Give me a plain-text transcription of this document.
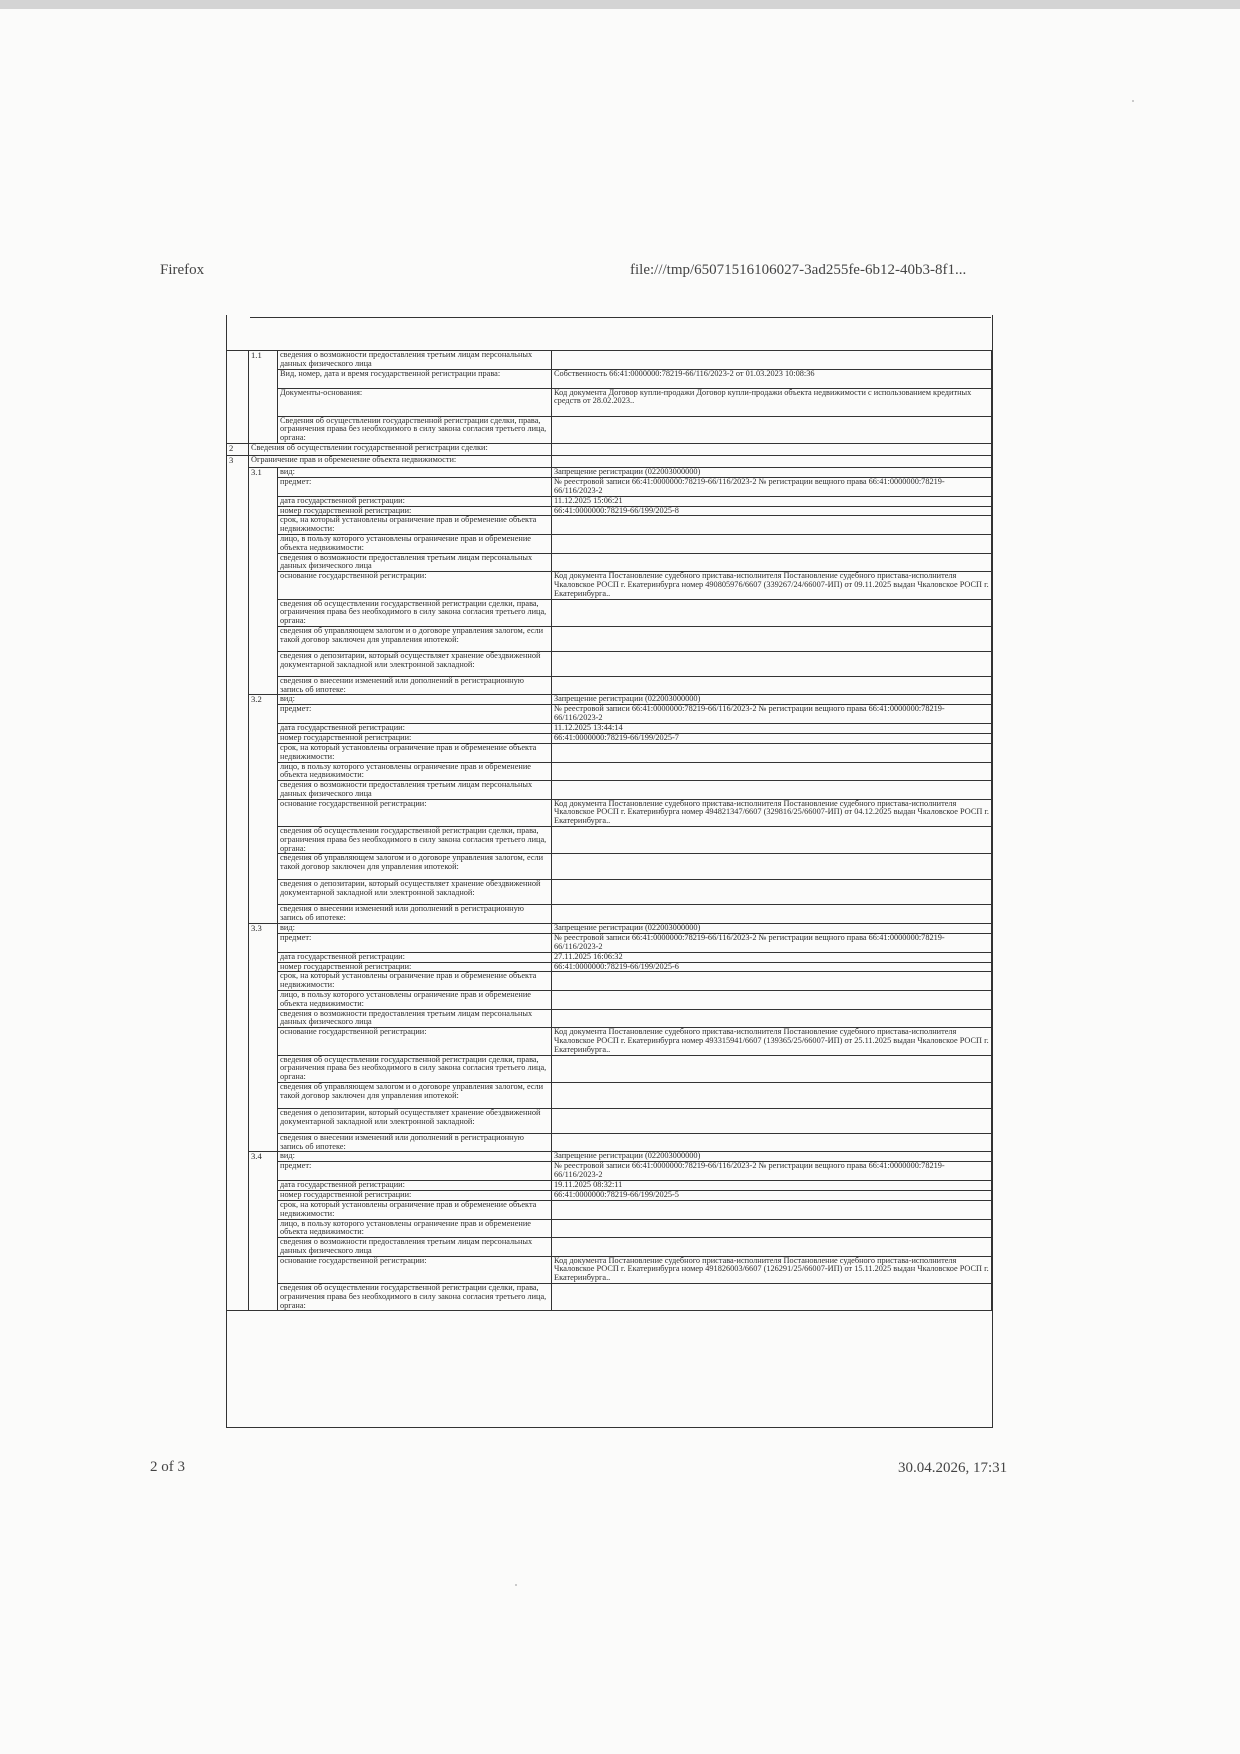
Firefox	file:///tmp/65071516106027-3ad255fe-6b12-40b3-8f1...
	1.1	сведения о возможности предоставления третьим лицам персональных данных физического лица	
		Вид, номер, дата и время государственной регистрации права:	Собственность 66:41:0000000:78219-66/116/2023-2 от 01.03.2023 10:08:36
		Документы-основания:	Код документа Договор купли-продажи Договор купли-продажи объекта недвижимости с использованием кредитных средств от 28.02.2023..
		Сведения об осуществлении государственной регистрации сделки, права, ограничения права без необходимого в силу закона согласия третьего лица, органа:	
2	Сведения об осуществлении государственной регистрации сделки:		
3	Ограничение прав и обременение объекта недвижимости:		
	3.1	вид:	Запрещение регистрации (022003000000)
		предмет:	№ реестровой записи 66:41:0000000:78219-66/116/2023-2 № регистрации вещного права 66:41:0000000:78219-66/116/2023-2
		дата государственной регистрации:	11.12.2025 15:06:21
		номер государственной регистрации:	66:41:0000000:78219-66/199/2025-8
		срок, на который установлены ограничение прав и обременение объекта недвижимости:	
		лицо, в пользу которого установлены ограничение прав и обременение объекта недвижимости:	
		сведения о возможности предоставления третьим лицам персональных данных физического лица	
		основание государственной регистрации:	Код документа Постановление судебного пристава-исполнителя Постановление судебного пристава-исполнителя Чкаловское РОСП г. Екатеринбурга номер 490805976/6607 (339267/24/66007-ИП) от 09.11.2025 выдан Чкаловское РОСП г. Екатеринбурга..
		сведения об осуществлении государственной регистрации сделки, права, ограничения права без необходимого в силу закона согласия третьего лица, органа:	
		сведения об управляющем залогом и о договоре управления залогом, если такой договор заключен для управления ипотекой:	
		сведения о депозитарии, который осуществляет хранение обездвиженной документарной закладной или электронной закладной:	
		сведения о внесении изменений или дополнений в регистрационную запись об ипотеке:	
	3.2	вид:	Запрещение регистрации (022003000000)
		предмет:	№ реестровой записи 66:41:0000000:78219-66/116/2023-2 № регистрации вещного права 66:41:0000000:78219-66/116/2023-2
		дата государственной регистрации:	11.12.2025 13:44:14
		номер государственной регистрации:	66:41:0000000:78219-66/199/2025-7
		срок, на который установлены ограничение прав и обременение объекта недвижимости:	
		лицо, в пользу которого установлены ограничение прав и обременение объекта недвижимости:	
		сведения о возможности предоставления третьим лицам персональных данных физического лица	
		основание государственной регистрации:	Код документа Постановление судебного пристава-исполнителя Постановление судебного пристава-исполнителя Чкаловское РОСП г. Екатеринбурга номер 494821347/6607 (329816/25/66007-ИП) от 04.12.2025 выдан Чкаловское РОСП г. Екатеринбурга..
		сведения об осуществлении государственной регистрации сделки, права, ограничения права без необходимого в силу закона согласия третьего лица, органа:	
		сведения об управляющем залогом и о договоре управления залогом, если такой договор заключен для управления ипотекой:	
		сведения о депозитарии, который осуществляет хранение обездвиженной документарной закладной или электронной закладной:	
		сведения о внесении изменений или дополнений в регистрационную запись об ипотеке:	
	3.3	вид:	Запрещение регистрации (022003000000)
		предмет:	№ реестровой записи 66:41:0000000:78219-66/116/2023-2 № регистрации вещного права 66:41:0000000:78219-66/116/2023-2
		дата государственной регистрации:	27.11.2025 16:06:32
		номер государственной регистрации:	66:41:0000000:78219-66/199/2025-6
		срок, на который установлены ограничение прав и обременение объекта недвижимости:	
		лицо, в пользу которого установлены ограничение прав и обременение объекта недвижимости:	
		сведения о возможности предоставления третьим лицам персональных данных физического лица	
		основание государственной регистрации:	Код документа Постановление судебного пристава-исполнителя Постановление судебного пристава-исполнителя Чкаловское РОСП г. Екатеринбурга номер 493315941/6607 (139365/25/66007-ИП) от 25.11.2025 выдан Чкаловское РОСП г. Екатеринбурга..
		сведения об осуществлении государственной регистрации сделки, права, ограничения права без необходимого в силу закона согласия третьего лица, органа:	
		сведения об управляющем залогом и о договоре управления залогом, если такой договор заключен для управления ипотекой:	
		сведения о депозитарии, который осуществляет хранение обездвиженной документарной закладной или электронной закладной:	
		сведения о внесении изменений или дополнений в регистрационную запись об ипотеке:	
	3.4	вид:	Запрещение регистрации (022003000000)
		предмет:	№ реестровой записи 66:41:0000000:78219-66/116/2023-2 № регистрации вещного права 66:41:0000000:78219-66/116/2023-2
		дата государственной регистрации:	19.11.2025 08:32:11
		номер государственной регистрации:	66:41:0000000:78219-66/199/2025-5
		срок, на который установлены ограничение прав и обременение объекта недвижимости:	
		лицо, в пользу которого установлены ограничение прав и обременение объекта недвижимости:	
		сведения о возможности предоставления третьим лицам персональных данных физического лица	
		основание государственной регистрации:	Код документа Постановление судебного пристава-исполнителя Постановление судебного пристава-исполнителя Чкаловское РОСП г. Екатеринбурга номер 491826003/6607 (126291/25/66007-ИП) от 15.11.2025 выдан Чкаловское РОСП г. Екатеринбурга..
		сведения об осуществлении государственной регистрации сделки, права, ограничения права без необходимого в силу закона согласия третьего лица, органа:	
2 of 3	30.04.2026, 17:31
